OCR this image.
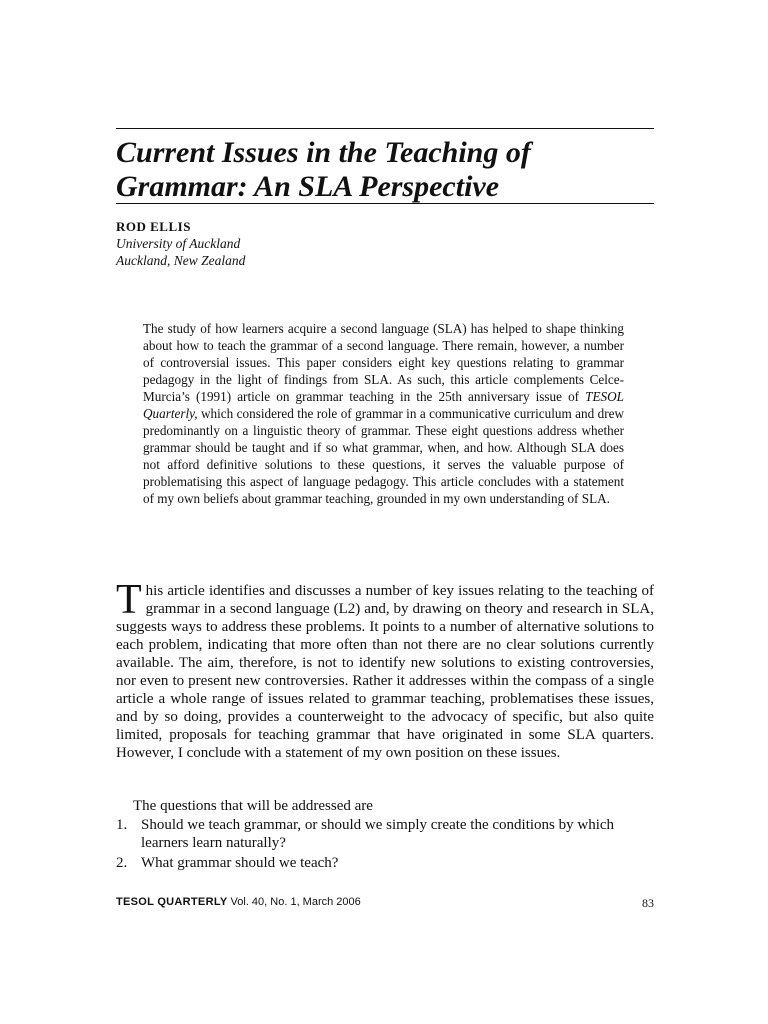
Current Issues in the Teaching of Grammar: An SLA Perspective
ROD ELLIS
University of Auckland
Auckland, New Zealand

The study of how learners acquire a second language (SLA) has helped to shape thinking about how to teach the grammar of a second language. There remain, however, a number of controversial issues. This paper considers eight key questions relating to grammar pedagogy in the light of findings from SLA. As such, this article complements Celce-Murcia’s (1991) article on grammar teaching in the 25th anniversary issue of TESOL Quarterly, which considered the role of grammar in a communicative curriculum and drew predominantly on a linguistic theory of grammar. These eight questions address whether grammar should be taught and if so what grammar, when, and how. Although SLA does not afford definitive solutions to these questions, it serves the valuable purpose of problematising this aspect of language pedagogy. This article concludes with a statement of my own beliefs about grammar teaching, grounded in my own understanding of SLA.

This article identifies and discusses a number of key issues relating to the teaching of grammar in a second language (L2) and, by drawing on theory and research in SLA, suggests ways to address these problems. It points to a number of alternative solutions to each problem, indicating that more often than not there are no clear solutions currently available. The aim, therefore, is not to identify new solutions to existing controversies, nor even to present new controversies. Rather it addresses within the compass of a single article a whole range of issues related to grammar teaching, problematises these issues, and by so doing, provides a counterweight to the advocacy of specific, but also quite limited, proposals for teaching grammar that have originated in some SLA quarters. However, I conclude with a statement of my own position on these issues.

The questions that will be addressed are
1. Should we teach grammar, or should we simply create the conditions by which learners learn naturally?
2. What grammar should we teach?
TESOL QUARTERLY Vol. 40, No. 1, March 2006	83
